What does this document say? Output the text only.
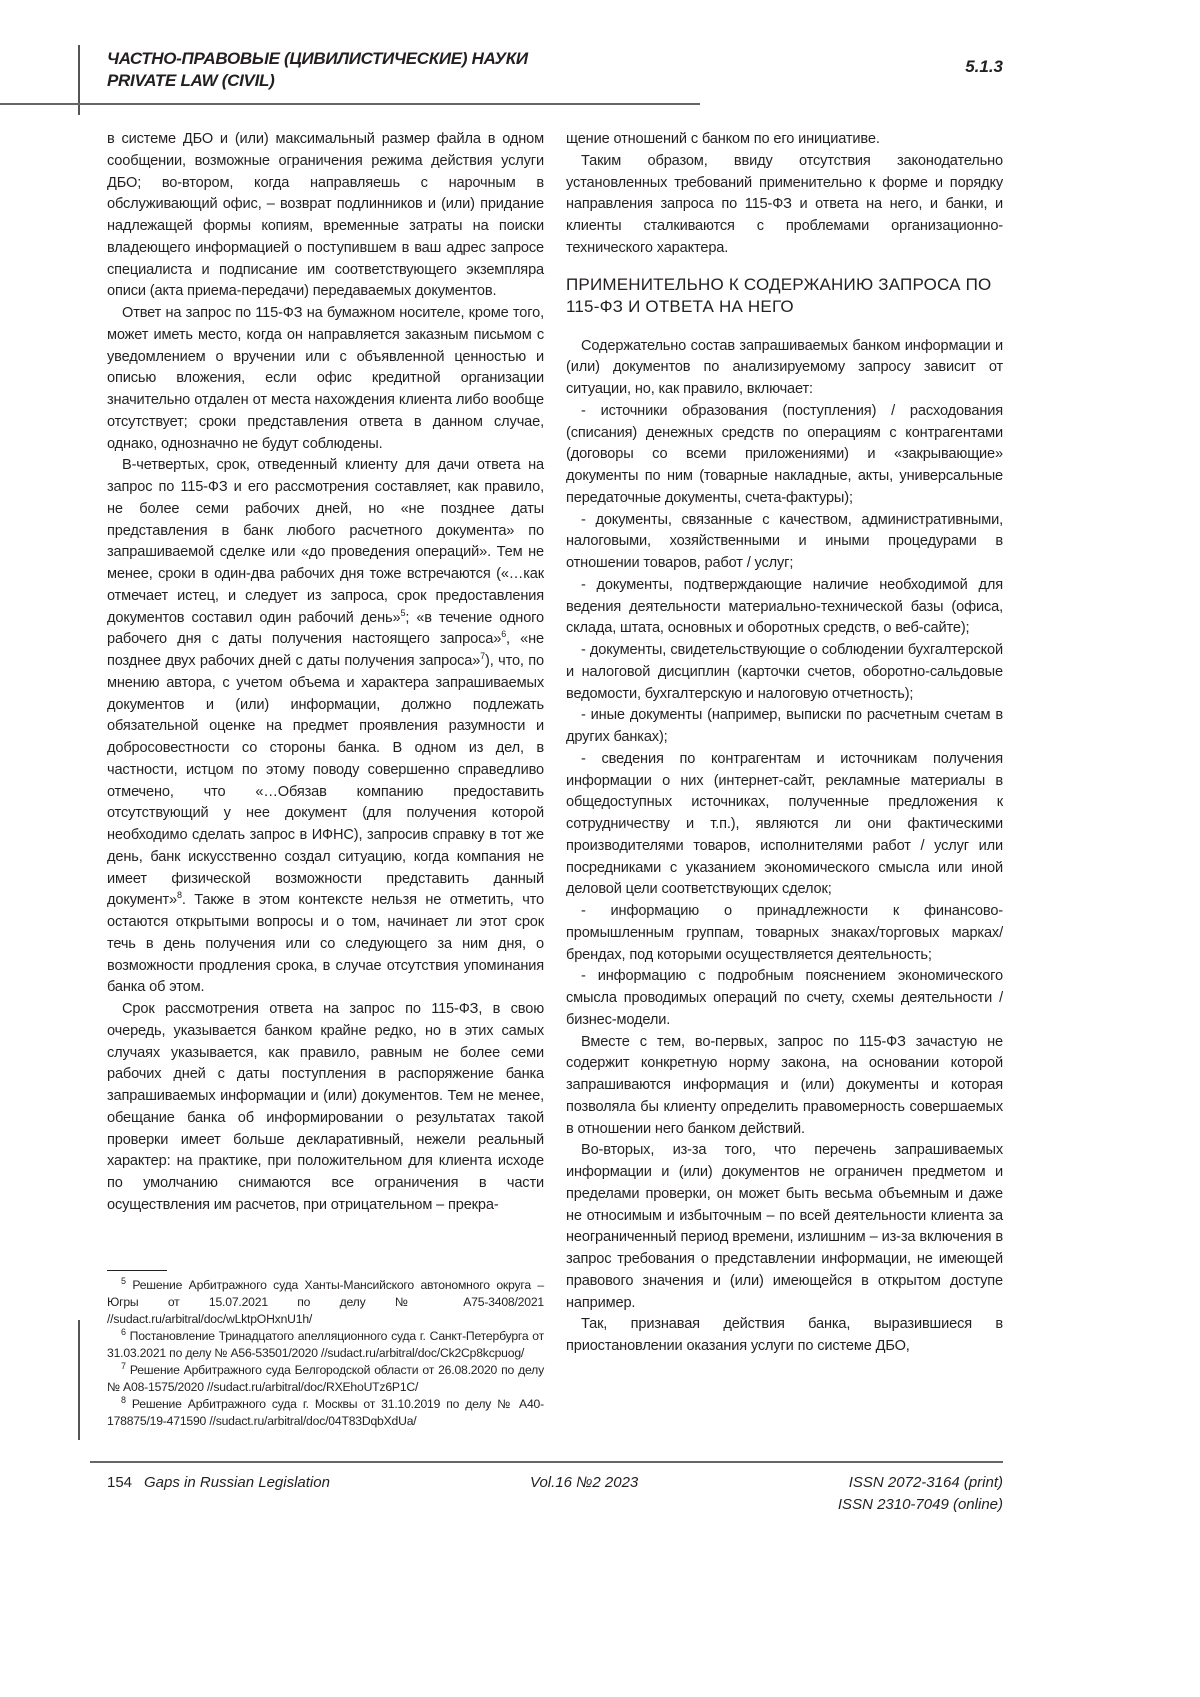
ЧАСТНО-ПРАВОВЫЕ (ЦИВИЛИСТИЧЕСКИЕ) НАУКИ
PRIVATE LAW (CIVIL)
5.1.3

в системе ДБО и (или) максимальный размер файла в одном сообщении, возможные ограничения режима действия услуги ДБО; во-втором, когда направляешь с нарочным в обслуживающий офис, – возврат подлинников и (или) придание надлежащей формы копиям, временные затраты на поиски владеющего информацией о поступившем в ваш адрес запросе специалиста и подписание им соответствующего экземпляра описи (акта приема-передачи) передаваемых документов.

Ответ на запрос по 115-ФЗ на бумажном носителе, кроме того, может иметь место, когда он направляется заказным письмом с уведомлением о вручении или с объявленной ценностью и описью вложения, если офис кредитной организации значительно отдален от места нахождения клиента либо вообще отсутствует; сроки представления ответа в данном случае, однако, однозначно не будут соблюдены.

В-четвертых, срок, отведенный клиенту для дачи ответа на запрос по 115-ФЗ и его рассмотрения составляет, как правило, не более семи рабочих дней, но «не позднее даты представления в банк любого расчетного документа» по запрашиваемой сделке или «до проведения операций». Тем не менее, сроки в один-два рабочих дня тоже встречаются («…как отмечает истец, и следует из запроса, срок предоставления документов составил один рабочий день»5; «в течение одного рабочего дня с даты получения настоящего запроса»6, «не позднее двух рабочих дней с даты получения запроса»7), что, по мнению автора, с учетом объема и характера запрашиваемых документов и (или) информации, должно подлежать обязательной оценке на предмет проявления разумности и добросовестности со стороны банка. В одном из дел, в частности, истцом по этому поводу совершенно справедливо отмечено, что «…Обязав компанию предоставить отсутствующий у нее документ (для получения которой необходимо сделать запрос в ИФНС), запросив справку в тот же день, банк искусственно создал ситуацию, когда компания не имеет физической возможности представить данный документ»8. Также в этом контексте нельзя не отметить, что остаются открытыми вопросы и о том, начинает ли этот срок течь в день получения или со следующего за ним дня, о возможности продления срока, в случае отсутствия упоминания банка об этом.

Срок рассмотрения ответа на запрос по 115-ФЗ, в свою очередь, указывается банком крайне редко, но в этих самых случаях указывается, как правило, равным не более семи рабочих дней с даты поступления в распоряжение банка запрашиваемых информации и (или) документов. Тем не менее, обещание банка об информировании о результатах такой проверки имеет больше декларативный, нежели реальный характер: на практике, при положительном для клиента исходе по умолчанию снимаются все ограничения в части осуществления им расчетов, при отрицательном – прекра-

щение отношений с банком по его инициативе.

Таким образом, ввиду отсутствия законодательно установленных требований применительно к форме и порядку направления запроса по 115-ФЗ и ответа на него, и банки, и клиенты сталкиваются с проблемами организационно-технического характера.

ПРИМЕНИТЕЛЬНО К СОДЕРЖАНИЮ ЗАПРОСА ПО 115-ФЗ И ОТВЕТА НА НЕГО

Содержательно состав запрашиваемых банком информации и (или) документов по анализируемому запросу зависит от ситуации, но, как правило, включает:

- источники образования (поступления) / расходования (списания) денежных средств по операциям с контрагентами (договоры со всеми приложениями) и «закрывающие» документы по ним (товарные накладные, акты, универсальные передаточные документы, счета-фактуры);

- документы, связанные с качеством, административными, налоговыми, хозяйственными и иными процедурами в отношении товаров, работ / услуг;

- документы, подтверждающие наличие необходимой для ведения деятельности материально-технической базы (офиса, склада, штата, основных и оборотных средств, о веб-сайте);

- документы, свидетельствующие о соблюдении бухгалтерской и налоговой дисциплин (карточки счетов, оборотно-сальдовые ведомости, бухгалтерскую и налоговую отчетность);

- иные документы (например, выписки по расчетным счетам в других банках);

- сведения по контрагентам и источникам получения информации о них (интернет-сайт, рекламные материалы в общедоступных источниках, полученные предложения к сотрудничеству и т.п.), являются ли они фактическими производителями товаров, исполнителями работ / услуг или посредниками с указанием экономического смысла или иной деловой цели соответствующих сделок;

- информацию о принадлежности к финансово-промышленным группам, товарных знаках/торговых марках/брендах, под которыми осуществляется деятельность;

- информацию с подробным пояснением экономического смысла проводимых операций по счету, схемы деятельности / бизнес-модели.

Вместе с тем, во-первых, запрос по 115-ФЗ зачастую не содержит конкретную норму закона, на основании которой запрашиваются информация и (или) документы и которая позволяла бы клиенту определить правомерность совершаемых в отношении него банком действий.

Во-вторых, из-за того, что перечень запрашиваемых информации и (или) документов не ограничен предметом и пределами проверки, он может быть весьма объемным и даже не относимым и избыточным – по всей деятельности клиента за неограниченный период времени, излишним – из-за включения в запрос требования о представлении информации, не имеющей правового значения и (или) имеющейся в открытом доступе например.

Так, признавая действия банка, выразившиеся в приостановлении оказания услуги по системе ДБО,

5 Решение Арбитражного суда Ханты-Мансийского автономного округа – Югры от 15.07.2021 по делу № А75-3408/2021 //sudact.ru/arbitral/doc/wLktpOHxnU1h/

6 Постановление Тринадцатого апелляционного суда г. Санкт-Петербурга от 31.03.2021 по делу № А56-53501/2020 //sudact.ru/arbitral/doc/Ck2Cp8kcpuog/

7 Решение Арбитражного суда Белгородской области от 26.08.2020 по делу № А08-1575/2020 //sudact.ru/arbitral/doc/RXEhoUTz6P1C/

8 Решение Арбитражного суда г. Москвы от 31.10.2019 по делу № А40-178875/19-471590 //sudact.ru/arbitral/doc/04T83DqbXdUa/

154 Gaps in Russian Legislation	Vol.16 №2 2023	ISSN 2072-3164 (print)
ISSN 2310-7049 (online)
